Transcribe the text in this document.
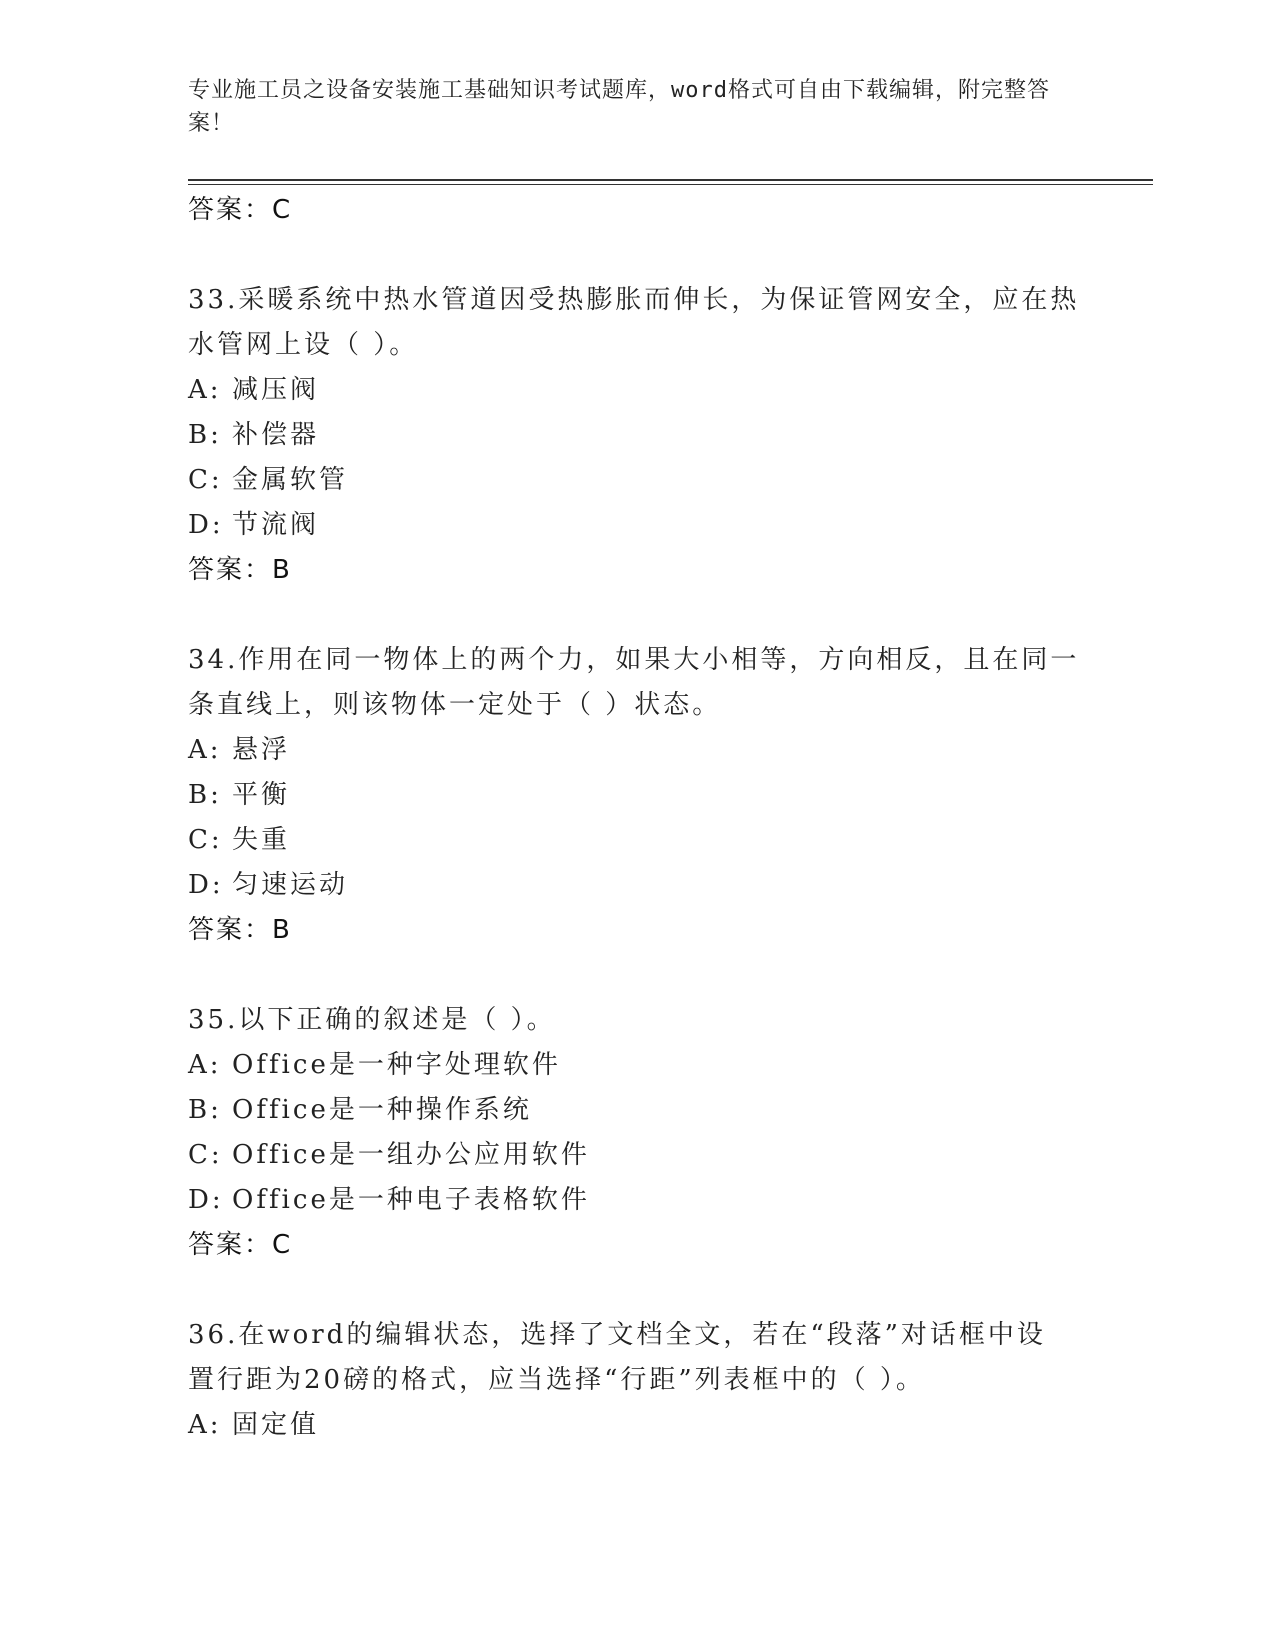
专业施工员之设备安装施工基础知识考试题库，word格式可自由下载编辑，附完整答案！
答案：C
33.采暖系统中热水管道因受热膨胀而伸长，为保证管网安全，应在热
水管网上设（ ）。
A: 减压阀
B: 补偿器
C: 金属软管
D: 节流阀
答案：B
34.作用在同一物体上的两个力，如果大小相等，方向相反，且在同一
条直线上，则该物体一定处于（ ）状态。
A: 悬浮
B: 平衡
C: 失重
D: 匀速运动
答案：B
35.以下正确的叙述是（ ）。
A: Office是一种字处理软件
B: Office是一种操作系统
C: Office是一组办公应用软件
D: Office是一种电子表格软件
答案：C
36.在word的编辑状态，选择了文档全文，若在“段落”对话框中设
置行距为20磅的格式，应当选择“行距”列表框中的（ ）。
A: 固定值
